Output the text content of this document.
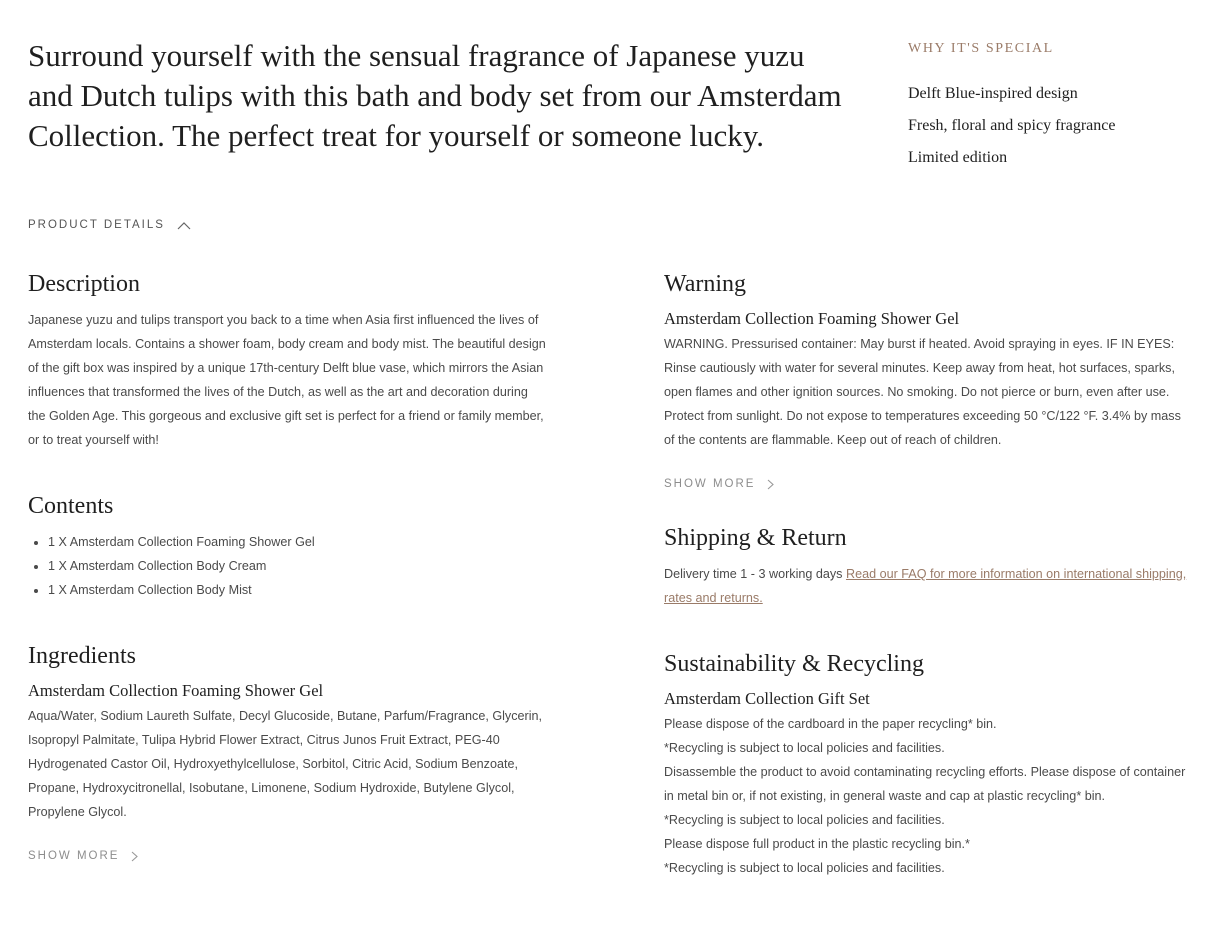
Surround yourself with the sensual fragrance of Japanese yuzu and Dutch tulips with this bath and body set from our Amsterdam Collection. The perfect treat for yourself or someone lucky.
WHY IT'S SPECIAL
Delft Blue-inspired design
Fresh, floral and spicy fragrance
Limited edition
PRODUCT DETAILS
Description

Japanese yuzu and tulips transport you back to a time when Asia first influenced the lives of Amsterdam locals. Contains a shower foam, body cream and body mist. The beautiful design of the gift box was inspired by a unique 17th-century Delft blue vase, which mirrors the Asian influences that transformed the lives of the Dutch, as well as the art and decoration during the Golden Age. This gorgeous and exclusive gift set is perfect for a friend or family member, or to treat yourself with!

Contents
• 1 X Amsterdam Collection Foaming Shower Gel
• 1 X Amsterdam Collection Body Cream
• 1 X Amsterdam Collection Body Mist
Ingredients
Amsterdam Collection Foaming Shower Gel

Aqua/Water, Sodium Laureth Sulfate, Decyl Glucoside, Butane, Parfum/Fragrance, Glycerin, Isopropyl Palmitate, Tulipa Hybrid Flower Extract, Citrus Junos Fruit Extract, PEG-40 Hydrogenated Castor Oil, Hydroxyethylcellulose, Sorbitol, Citric Acid, Sodium Benzoate, Propane, Hydroxycitronellal, Isobutane, Limonene, Sodium Hydroxide, Butylene Glycol, Propylene Glycol.

SHOW MORE
Warning
Amsterdam Collection Foaming Shower Gel

WARNING. Pressurised container: May burst if heated. Avoid spraying in eyes. IF IN EYES: Rinse cautiously with water for several minutes. Keep away from heat, hot surfaces, sparks, open flames and other ignition sources. No smoking. Do not pierce or burn, even after use. Protect from sunlight. Do not expose to temperatures exceeding 50 °C/122 °F. 3.4% by mass of the contents are flammable. Keep out of reach of children.

SHOW MORE
Shipping & Return

Delivery time 1 - 3 working days Read our FAQ for more information on international shipping, rates and returns.

Sustainability & Recycling
Amsterdam Collection Gift Set

Please dispose of the cardboard in the paper recycling* bin.

*Recycling is subject to local policies and facilities.

Disassemble the product to avoid contaminating recycling efforts. Please dispose of container in metal bin or, if not existing, in general waste and cap at plastic recycling* bin.

*Recycling is subject to local policies and facilities.

Please dispose full product in the plastic recycling bin.*

*Recycling is subject to local policies and facilities.
